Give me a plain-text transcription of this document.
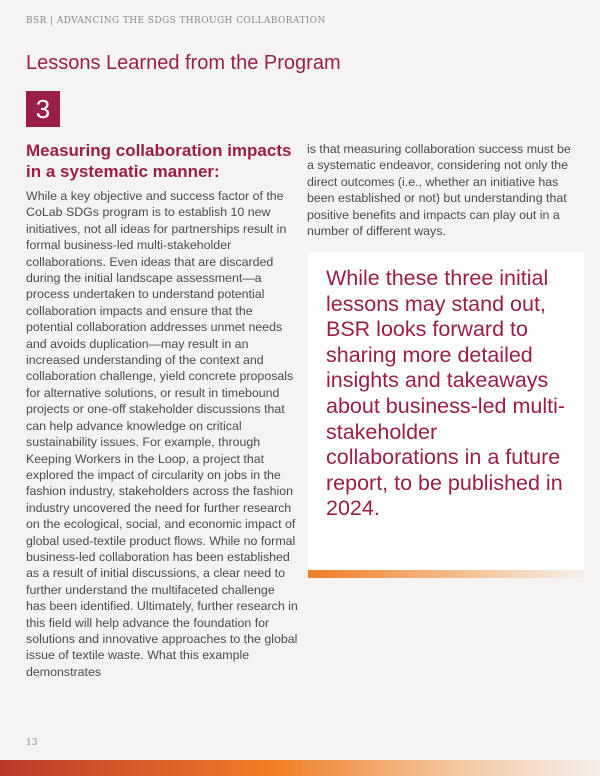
BSR | ADVANCING THE SDGS THROUGH COLLABORATION
Lessons Learned from the Program
3
Measuring collaboration impacts in a systematic manner:

While a key objective and success factor of the CoLab SDGs program is to establish 10 new initiatives, not all ideas for partnerships result in formal business-led multi-stakeholder collaborations. Even ideas that are discarded during the initial landscape assessment—a process undertaken to understand potential collaboration impacts and ensure that the potential collaboration addresses unmet needs and avoids duplication—may result in an increased understanding of the context and collaboration challenge, yield concrete proposals for alternative solutions, or result in timebound projects or one-off stakeholder discussions that can help advance knowledge on critical sustainability issues. For example, through Keeping Workers in the Loop, a project that explored the impact of circularity on jobs in the fashion industry, stakeholders across the fashion industry uncovered the need for further research on the ecological, social, and economic impact of global used-textile product flows. While no formal business-led collaboration has been established as a result of initial discussions, a clear need to further understand the multifaceted challenge has been identified. Ultimately, further research in this field will help advance the foundation for solutions and innovative approaches to the global issue of textile waste. What this example demonstrates

is that measuring collaboration success must be a systematic endeavor, considering not only the direct outcomes (i.e., whether an initiative has been established or not) but understanding that positive benefits and impacts can play out in a number of different ways.

While these three initial lessons may stand out, BSR looks forward to sharing more detailed insights and takeaways about business-led multi-stakeholder collaborations in a future report, to be published in 2024.

13
